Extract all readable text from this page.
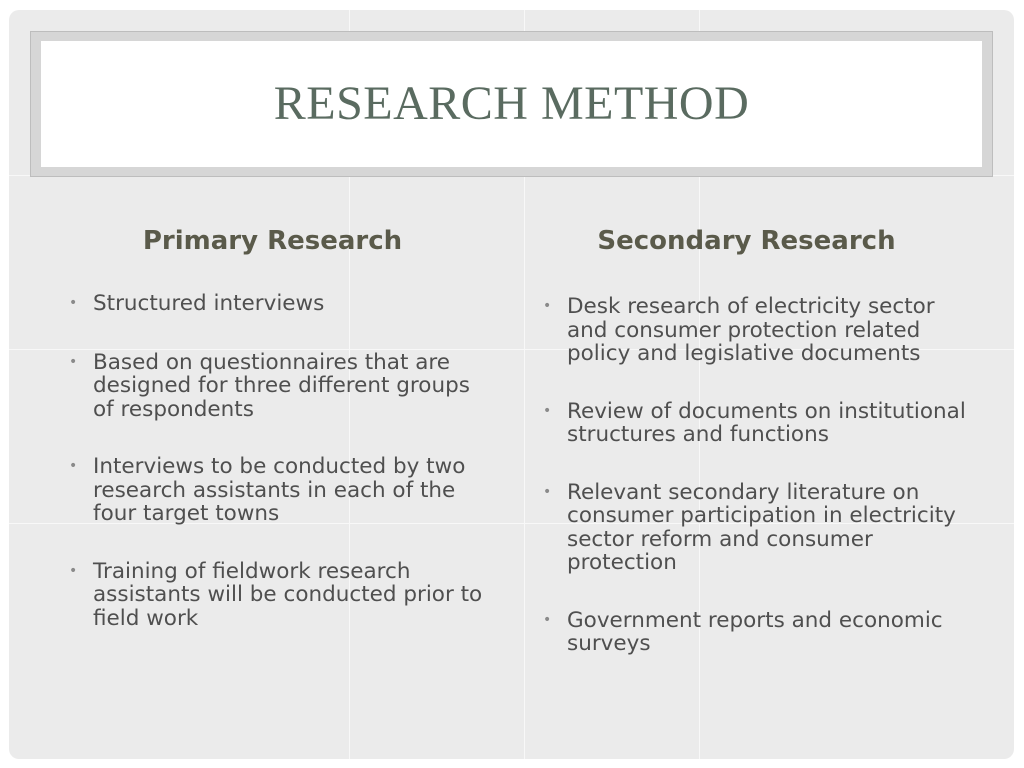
RESEARCH METHOD
Primary Research
• Structured interviews
• Based on questionnaires that are designed for three different groups of respondents
• Interviews to be conducted by two research assistants in each of the four target towns
• Training of fieldwork research assistants will be conducted prior to field work
Secondary Research
• Desk research of electricity sector and consumer protection related policy and legislative documents
• Review of documents on institutional structures and functions
• Relevant secondary literature on consumer participation in electricity sector reform and consumer protection
• Government reports and economic surveys
